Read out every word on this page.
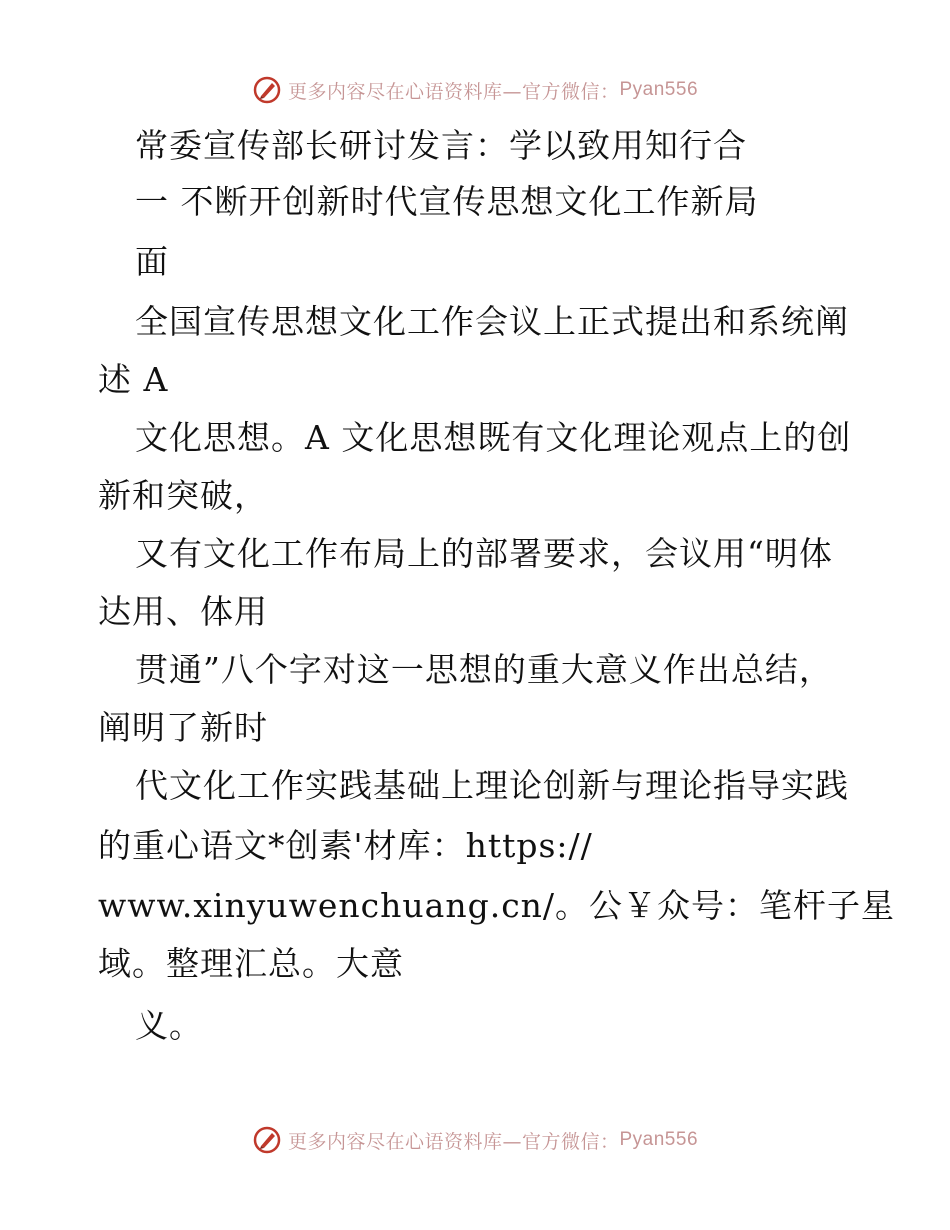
更多内容尽在心语资料库—官方微信： Pyan556
常委宣传部长研讨发言：学以致用知行合
一 不断开创新时代宣传思想文化工作新局
面
全国宣传思想文化工作会议上正式提出和系统阐
述 A
文化思想。A 文化思想既有文化理论观点上的创
新和突破，
又有文化工作布局上的部署要求，会议用“明体
达用、体用
贯通”八个字对这一思想的重大意义作出总结，
阐明了新时
代文化工作实践基础上理论创新与理论指导实践
的重心语文*创素'材库：https://
www.xinyuwenchuang.cn/。公￥众号：笔杆子星
域。整理汇总。大意
义。
更多内容尽在心语资料库—官方微信： Pyan556
